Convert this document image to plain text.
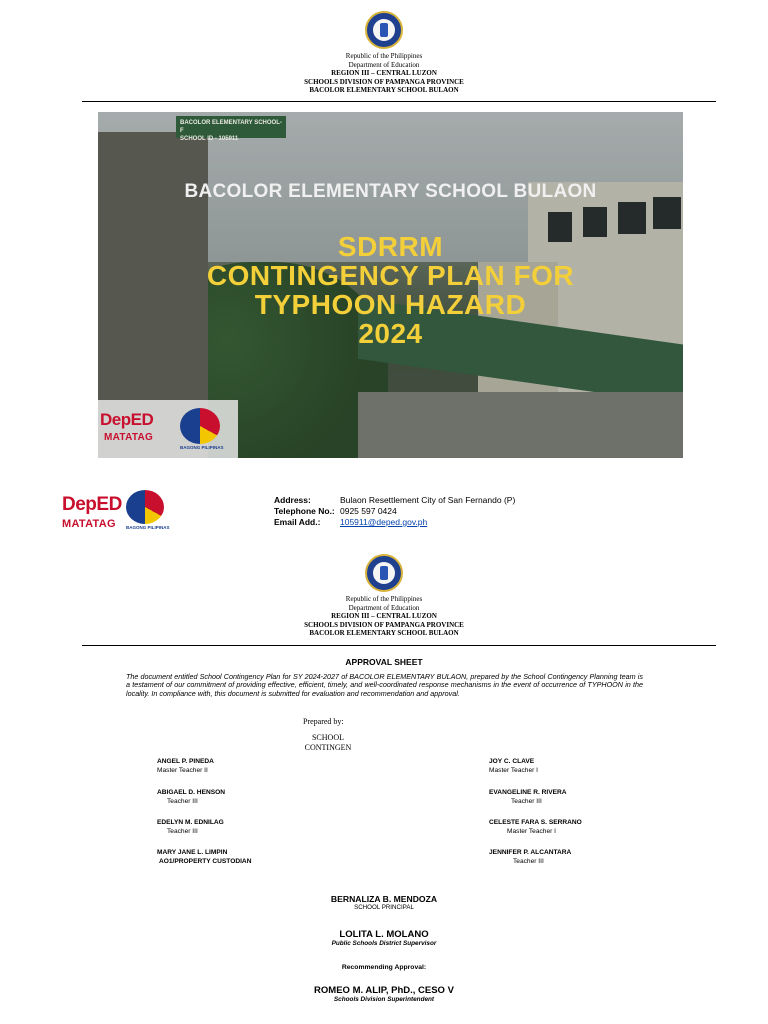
Republic of the Philippines
Department of Education
REGION III – CENTRAL LUZON
SCHOOLS DIVISION OF PAMPANGA PROVINCE
BACOLOR ELEMENTARY SCHOOL BULAON
BACOLOR ELEMENTARY SCHOOL-F
SCHOOL ID - 105911
BACOLOR ELEMENTARY SCHOOL BULAON
SDRRM
CONTINGENCY PLAN FOR
TYPHOON HAZARD
2024
DepED
MATATAG
BAGONG PILIPINAS
DepED
MATATAG BAGONG PILIPINAS
Address:	Bulaon Resettlement City of San Fernando (P)
Telephone No.: 0925 597 0424
Email Add.: 105911@deped.gov.ph
Republic of the Philippines
Department of Education
REGION III – CENTRAL LUZON
SCHOOLS DIVISION OF PAMPANGA PROVINCE
BACOLOR ELEMENTARY SCHOOL BULAON
APPROVAL SHEET
The document entitled School Contingency Plan for SY 2024-2027 of BACOLOR ELEMENTARY BULAON, prepared by the School Contingency Planning team is a testament of our commitment of providing effective, efficient, timely, and well-coordinated response mechanisms in the event of occurrence of TYPHOON in the locality. In compliance with, this document is submitted for evaluation and recommendation and approval.
Prepared by:
SCHOOL
CONTINGEN
ANGEL P. PINEDA
Master Teacher II
ABIGAEL D. HENSON
Teacher III
EDELYN M. EDNILAG
Teacher III
MARY JANE L. LIMPIN
AO1/PROPERTY CUSTODIAN
JOY C. CLAVE
Master Teacher I
EVANGELINE R. RIVERA
Teacher III
CELESTE FARA S. SERRANO
Master Teacher I
JENNIFER P. ALCANTARA
Teacher III
BERNALIZA B. MENDOZA
SCHOOL PRINCIPAL
LOLITA L. MOLANO
Public Schools District Supervisor
Recommending Approval:
ROMEO M. ALIP, PhD., CESO V
Schools Division Superintendent
